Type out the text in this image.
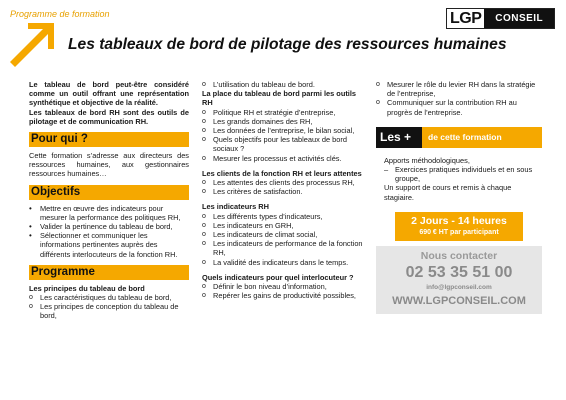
Programme de formation	LGP	CONSEIL
Les tableaux de bord de pilotage des ressources humaines
Le tableau de bord peut-être considéré comme un outil offrant une représentation synthétique et objective de la réalité.
Les tableaux de bord RH sont des outils de pilotage et de communication RH.
Pour qui ?
Cette formation s’adresse aux directeurs des ressources humaines, aux gestionnaires ressources humaines…
Objectifs
• Mettre en œuvre des indicateurs pour mesurer la performance des politiques RH,
• Valider la pertinence du tableau de bord,
• Sélectionner et communiquer les informations pertinentes auprès des différents interlocuteurs de la fonction RH.
Programme
Les principes du tableau de bord
o Les caractéristiques du tableau de bord,
o Les principes de conception du tableau de bord,
o L’utilisation du tableau de bord.
La place du tableau de bord parmi les outils RH
o Politique RH et stratégie d’entreprise,
o Les grands domaines des RH,
o Les données de l’entreprise, le bilan social,
o Quels objectifs pour les tableaux de bord sociaux ?
o Mesurer les processus et activités clés.
Les clients de la fonction RH et leurs attentes
o Les attentes des clients des processus RH,
o Les critères de satisfaction.
Les indicateurs RH
o Les différents types d’indicateurs,
o Les indicateurs en GRH,
o Les indicateurs de climat social,
o Les indicateurs de performance de la fonction RH,
o La validité des indicateurs dans le temps.
Quels indicateurs pour quel interlocuteur ?
o Définir le bon niveau d’information,
o Repérer les gains de productivité possibles,
o Mesurer le rôle du levier RH dans la stratégie de l’entreprise,
o Communiquer sur la contribution RH au progrès de l’entreprise.
Les +	de cette formation
Apports méthodologiques,
– Exercices pratiques individuels et en sous groupe,
Un support de cours et remis à chaque stagiaire.
2 Jours - 14 heures
690 € HT par participant
Nous contacter
02 53 35 51 00
info@lgpconseil.com
WWW.LGPCONSEIL.COM
